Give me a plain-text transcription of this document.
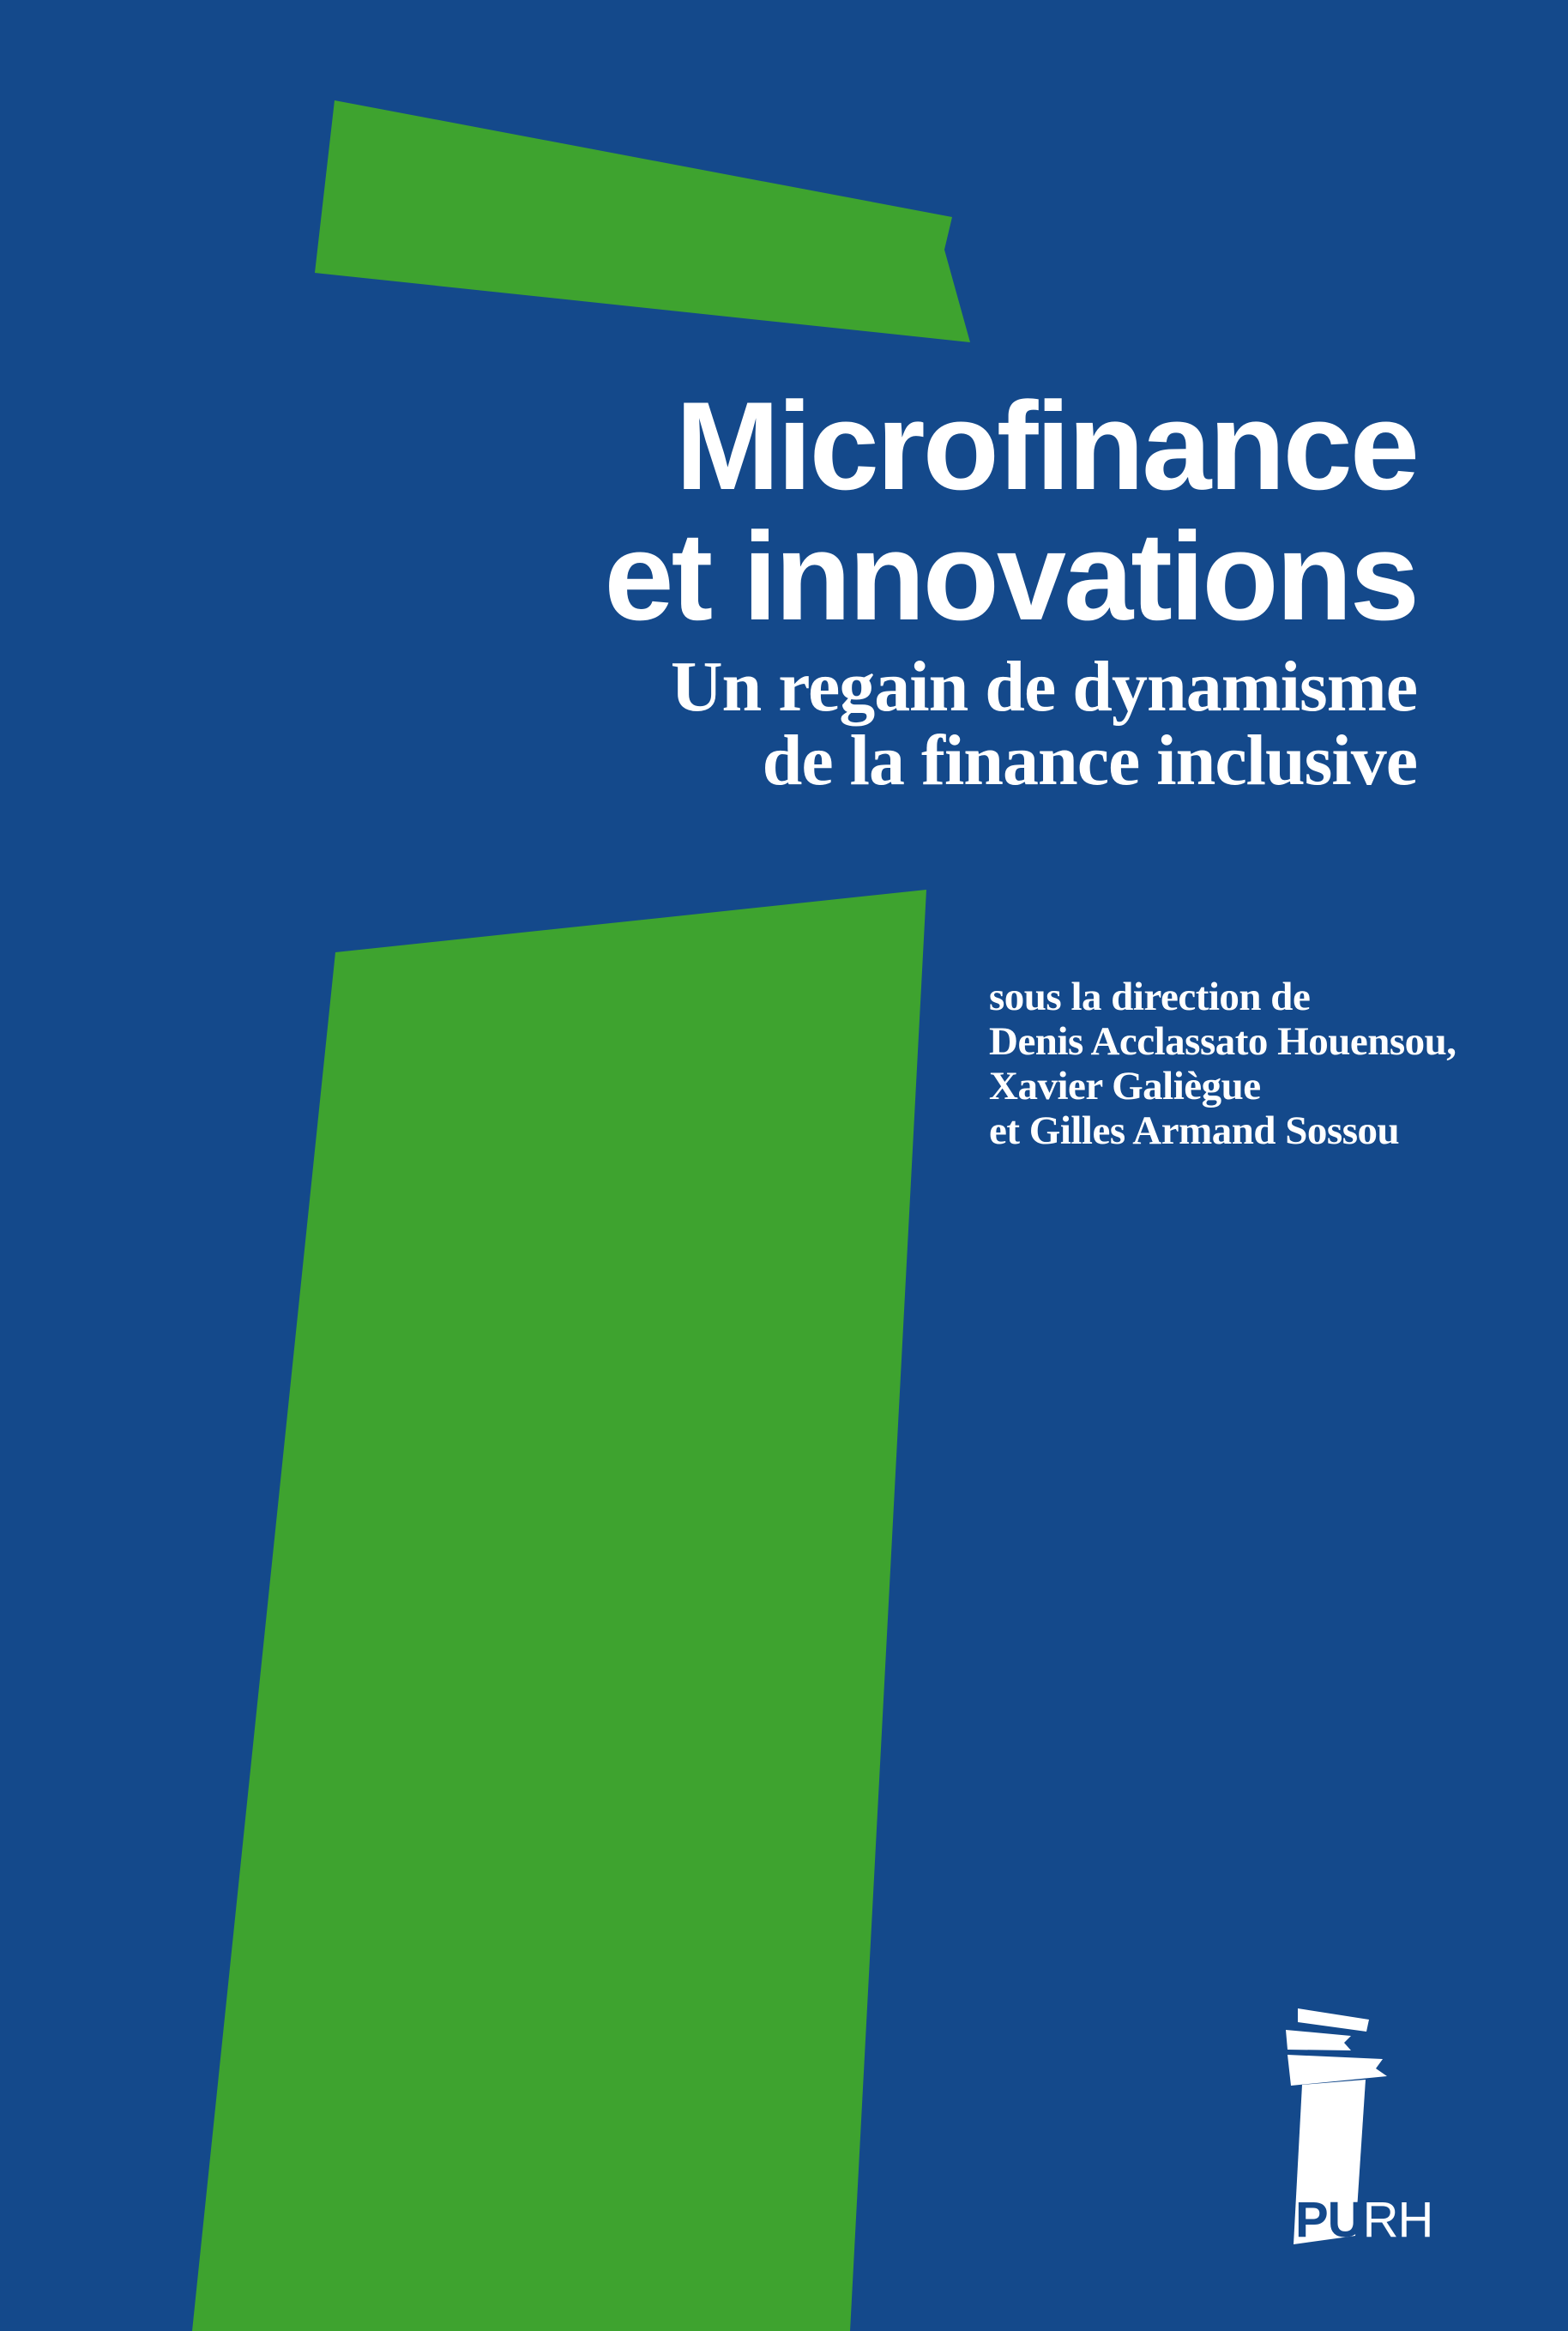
Microfinance
et innovations
Un regain de dynamisme
de la finance inclusive
sous la direction de
Denis Acclassato Houensou,
Xavier Galiègue
et Gilles Armand Sossou
PURH
